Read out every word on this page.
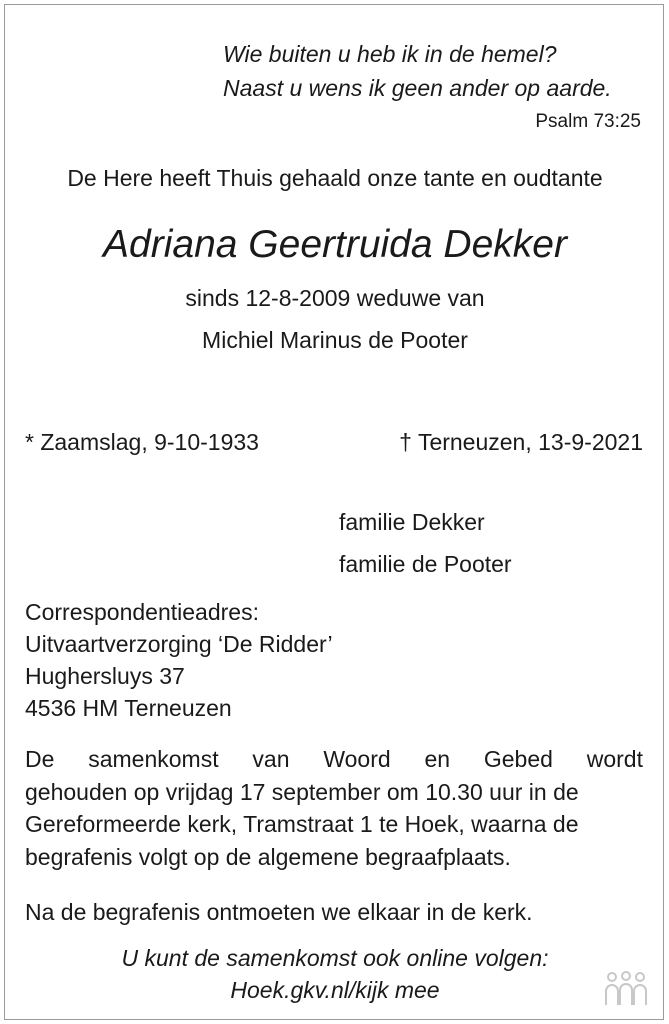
Wie buiten u heb ik in de hemel?
Naast u wens ik geen ander op aarde.
Psalm 73:25
De Here heeft Thuis gehaald onze tante en oudtante
Adriana Geertruida Dekker
sinds 12-8-2009 weduwe van
Michiel Marinus de Pooter
* Zaamslag, 9-10-1933	† Terneuzen, 13-9-2021
familie Dekker
familie de Pooter
Correspondentieadres:
Uitvaartverzorging ‘De Ridder’
Hughersluys 37
4536 HM Terneuzen
De samenkomst van Woord en Gebed wordt
gehouden op vrijdag 17 september om 10.30 uur in de
Gereformeerde kerk, Tramstraat 1 te Hoek, waarna de
begrafenis volgt op de algemene begraafplaats.
Na de begrafenis ontmoeten we elkaar in de kerk.
U kunt de samenkomst ook online volgen:
Hoek.gkv.nl/kijk mee
